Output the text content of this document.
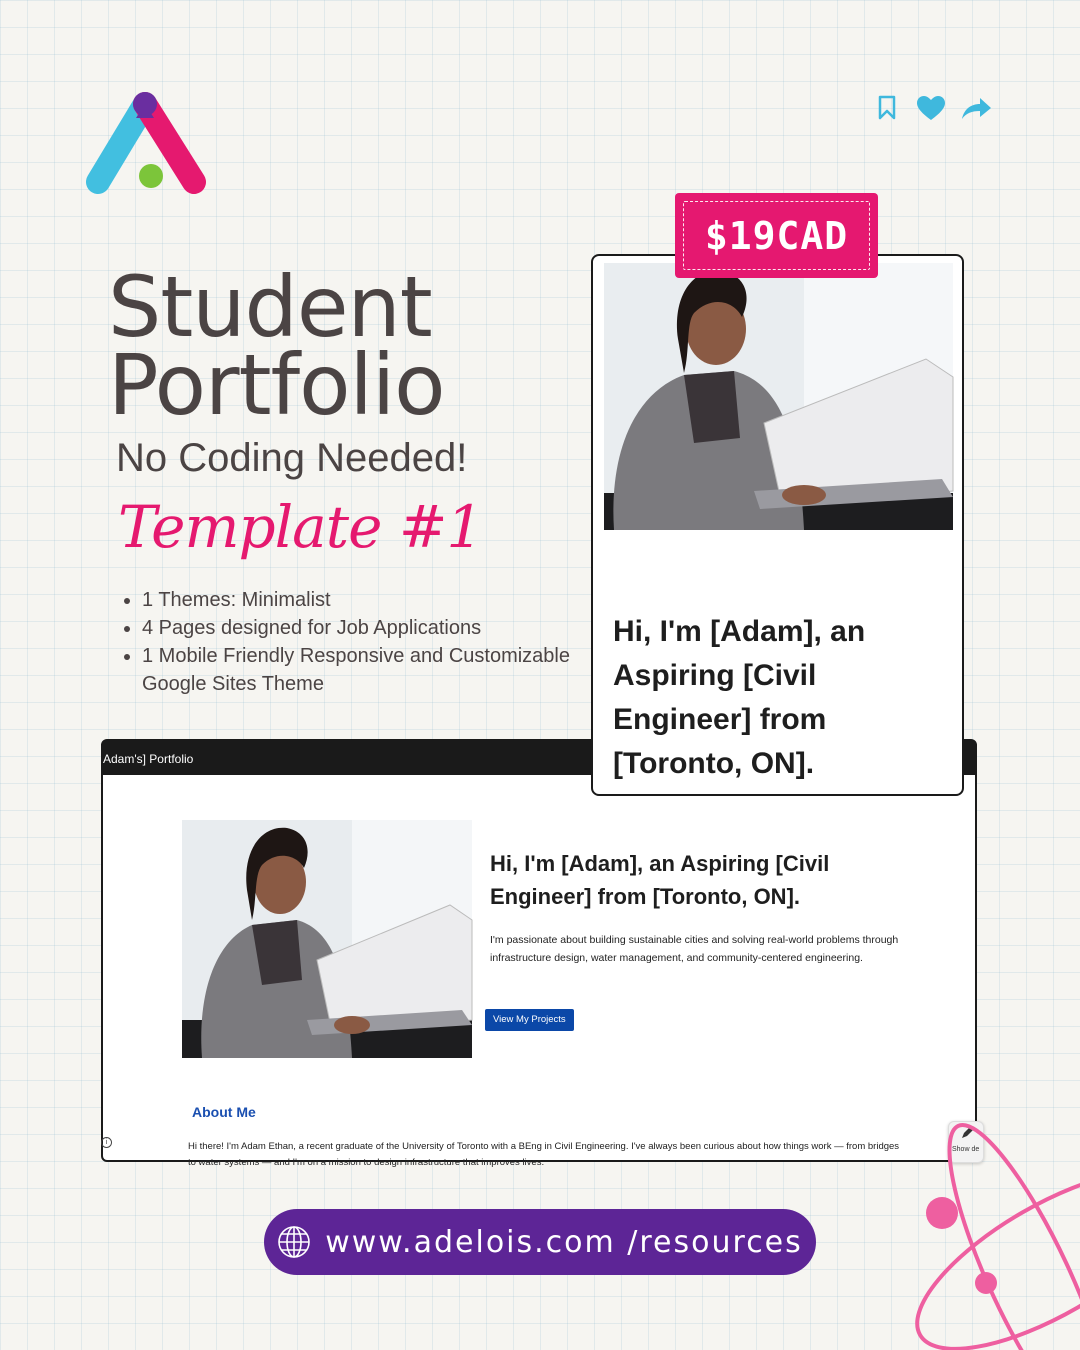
Student
Portfolio
No Coding Needed!
Template #1
• 1 Themes: Minimalist
• 4 Pages designed for Job Applications
• 1 Mobile Friendly Responsive and Customizable Google Sites Theme
Adam's] Portfolio
Hi, I'm [Adam], an Aspiring [Civil Engineer] from [Toronto, ON].
I'm passionate about building sustainable cities and solving real-world problems through infrastructure design, water management, and community-centered engineering.
View My Projects
About Me
Hi there! I'm Adam Ethan, a recent graduate of the University of Toronto with a BEng in Civil Engineering. I've always been curious about how things work — from bridges to water systems — and I'm on a mission to design infrastructure that improves lives.
i
Show de
Hi, I'm [Adam], an Aspiring [Civil Engineer] from [Toronto, ON].
$19CAD
www.adelois.com /resources
